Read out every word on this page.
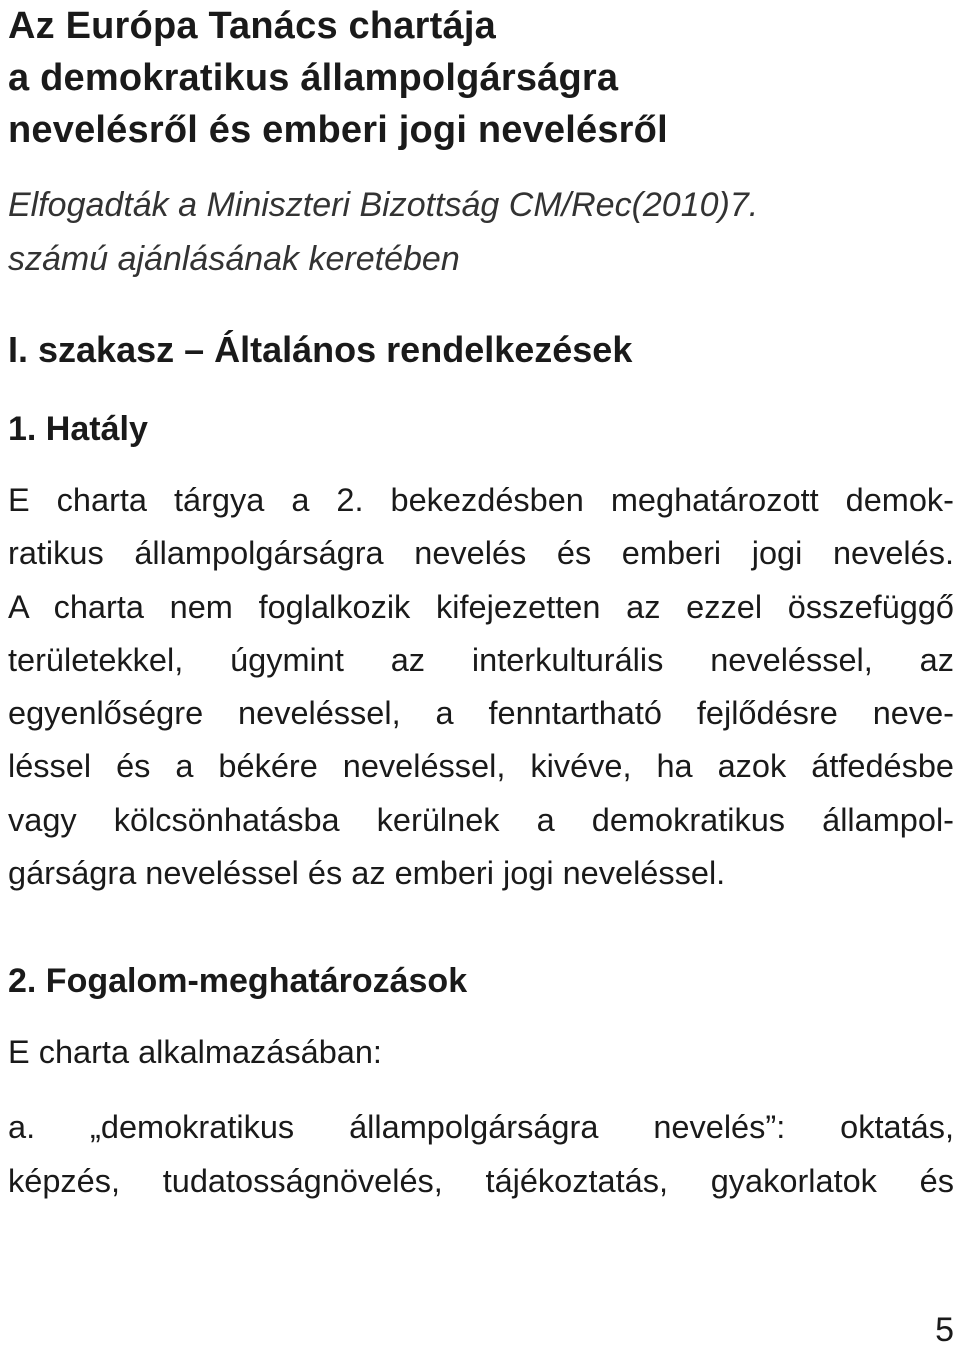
Az Európa Tanács chartája
a demokratikus állampolgárságra
nevelésről és emberi jogi nevelésről

Elfogadták a Miniszteri Bizottság CM/Rec(2010)7.
számú ajánlásának keretében

I. szakasz – Általános rendelkezések
1. Hatály

E charta tárgya a 2. bekezdésben meghatározott demok-
ratikus állampolgárságra nevelés és emberi jogi nevelés.
A charta nem foglalkozik kifejezetten az ezzel összefüggő
területekkel, úgymint az interkulturális neveléssel, az
egyenlőségre neveléssel, a fenntartható fejlődésre neve-
léssel és a békére neveléssel, kivéve, ha azok átfedésbe
vagy kölcsönhatásba kerülnek a demokratikus állampol-
gárságra neveléssel és az emberi jogi neveléssel.

2. Fogalom-meghatározások

E charta alkalmazásában:

a. „demokratikus állampolgárságra nevelés”: oktatás,
képzés, tudatosságnövelés, tájékoztatás, gyakorlatok és

5
